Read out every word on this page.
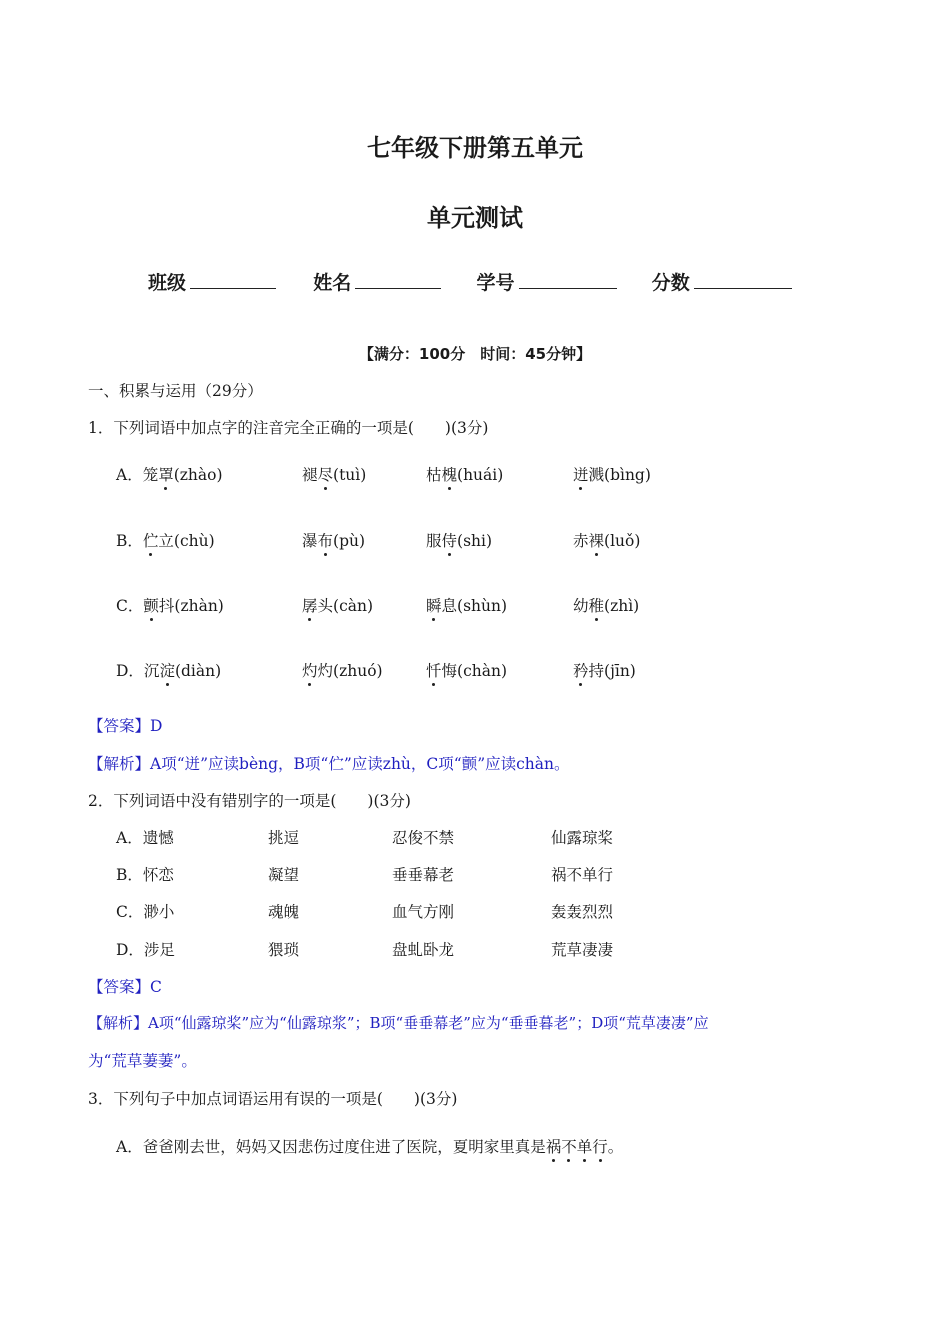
七年级下册第五单元
单元测试
班级	姓名	学号	分数
【满分：100分　时间：45分钟】
一、积累与运用（29分）
1．下列词语中加点字的注音完全正确的一项是(　　)(3分)
A．笼罩(zhào)	褪尽(tuì)	枯槐(huái)	迸溅(bìng)
B．伫立(chù)	瀑布(pù)	服侍(shi)	赤裸(luǒ)
C．颤抖(zhàn)	孱头(càn)	瞬息(shùn)	幼稚(zhì)
D．沉淀(diàn)	灼灼(zhuó)	忏悔(chàn)	矜持(jīn)
【答案】D
【解析】A项“迸”应读bèng，B项“伫”应读zhù，C项“颤”应读chàn。
2．下列词语中没有错别字的一项是(　　)(3分)
A．遗憾	挑逗	忍俊不禁	仙露琼桨
B．怀恋	凝望	垂垂幕老	祸不单行
C．渺小	魂魄	血气方刚	轰轰烈烈
D．涉足	猥琐	盘虬卧龙	荒草凄凄
【答案】C
【解析】A项“仙露琼桨”应为“仙露琼浆”；B项“垂垂幕老”应为“垂垂暮老”；D项“荒草凄凄”应
为“荒草萋萋”。
3．下列句子中加点词语运用有误的一项是(　　)(3分)
A．爸爸刚去世，妈妈又因悲伤过度住进了医院，夏明家里真是祸不单行。
